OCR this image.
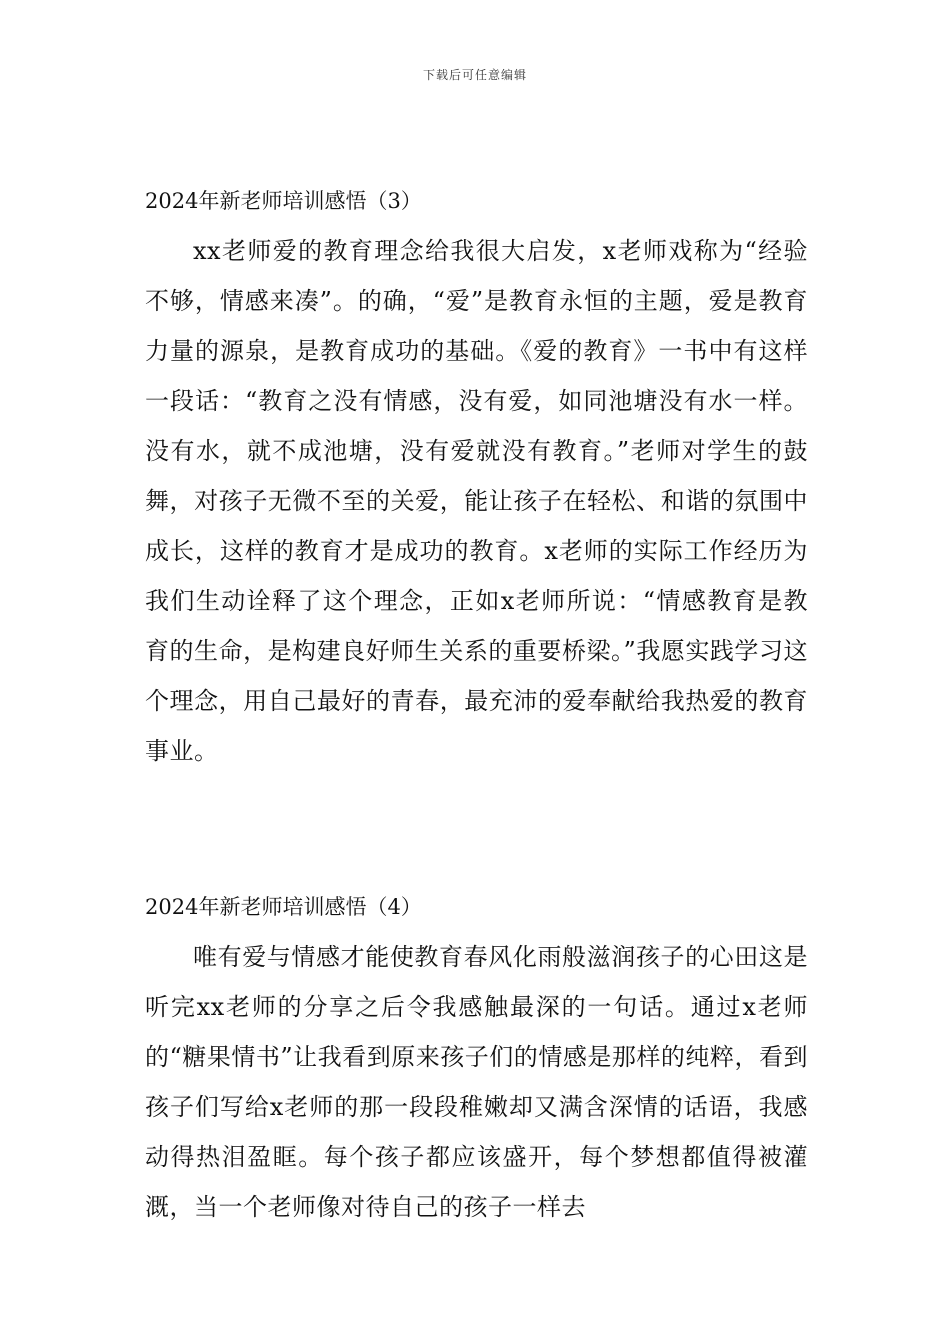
下载后可任意编辑
2024年新老师培训感悟（3）

xx老师爱的教育理念给我很大启发，x老师戏称为“经验不够，情感来凑”。的确，“爱”是教育永恒的主题，爱是教育力量的源泉，是教育成功的基础。《爱的教育》一书中有这样一段话：“教育之没有情感，没有爱，如同池塘没有水一样。没有水，就不成池塘，没有爱就没有教育。”老师对学生的鼓舞，对孩子无微不至的关爱，能让孩子在轻松、和谐的氛围中成长，这样的教育才是成功的教育。x老师的实际工作经历为我们生动诠释了这个理念，正如x老师所说：“情感教育是教育的生命，是构建良好师生关系的重要桥梁。”我愿实践学习这个理念，用自己最好的青春，最充沛的爱奉献给我热爱的教育事业。

2024年新老师培训感悟（4）

唯有爱与情感才能使教育春风化雨般滋润孩子的心田这是听完xx老师的分享之后令我感触最深的一句话。通过x老师的“糖果情书”让我看到原来孩子们的情感是那样的纯粹，看到孩子们写给x老师的那一段段稚嫩却又满含深情的话语，我感动得热泪盈眶。每个孩子都应该盛开，每个梦想都值得被灌溉，当一个老师像对待自己的孩子一样去
